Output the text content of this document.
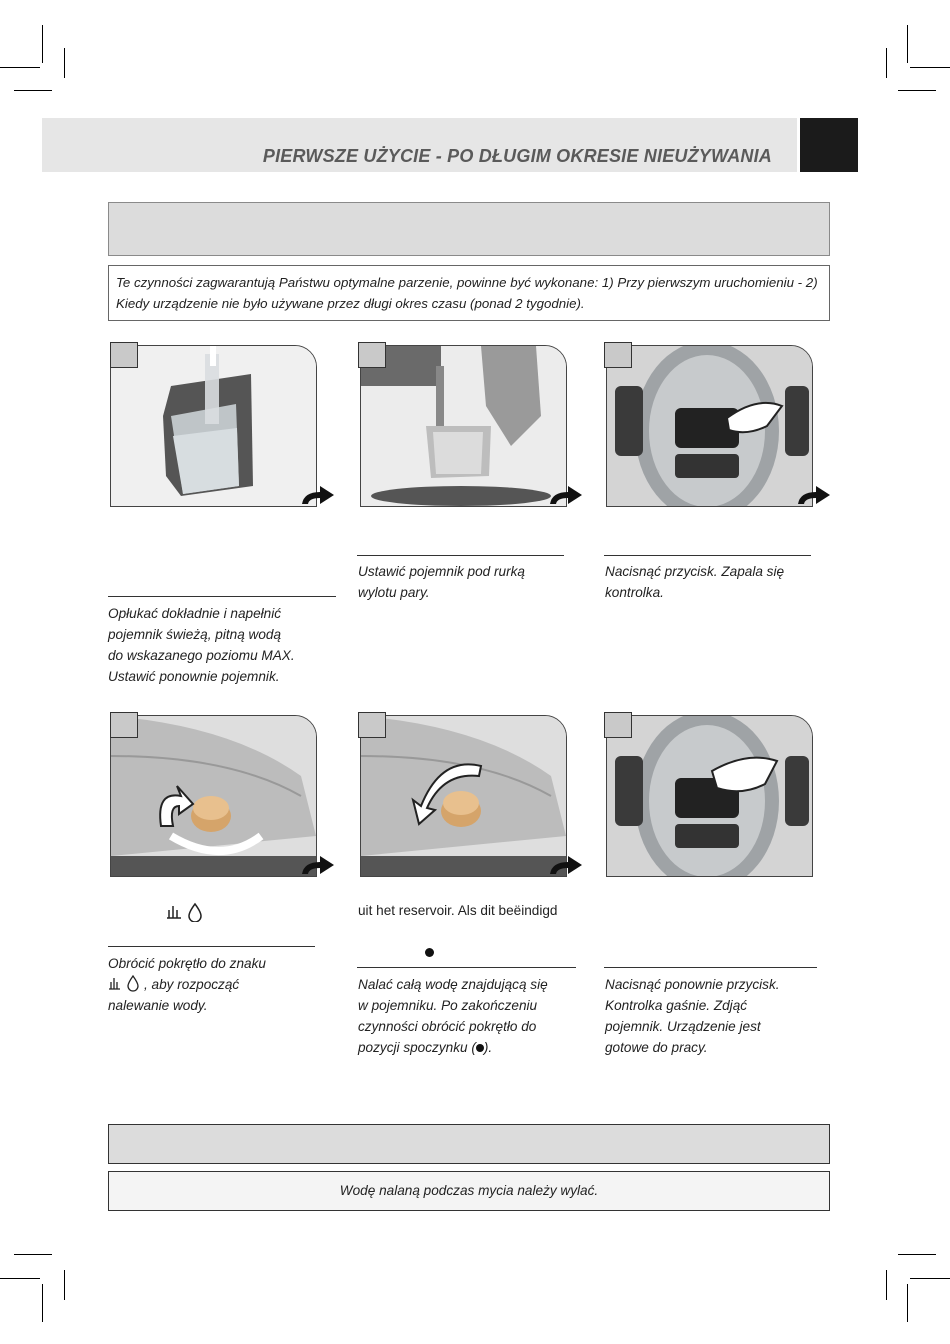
PIERWSZE UŻYCIE - PO DŁUGIM OKRESIE NIEUŻYWANIA
Te czynności zagwarantują Państwu optymalne parzenie, powinne być wykonane: 1) Przy pierwszym uruchomieniu - 2) Kiedy urządzenie nie było używane przez długi okres czasu (ponad 2 tygodnie).
Opłukać dokładnie i napełnić
pojemnik świeżą, pitną wodą
do wskazanego poziomu MAX.
Ustawić ponownie pojemnik.
Ustawić pojemnik pod rurką
wylotu pary.
Nacisnąć przycisk. Zapala się
kontrolka.
uit het reservoir. Als dit beëindigd
Obrócić pokrętło do znaku
, aby rozpocząć
nalewanie wody.
Nalać całą wodę znajdującą się
w pojemniku. Po zakończeniu
czynności obrócić pokrętło do
pozycji spoczynku ( ).
Nacisnąć ponownie przycisk.
Kontrolka gaśnie. Zdjąć
pojemnik. Urządzenie jest
gotowe do pracy.
Wodę nalaną podczas mycia należy wylać.
